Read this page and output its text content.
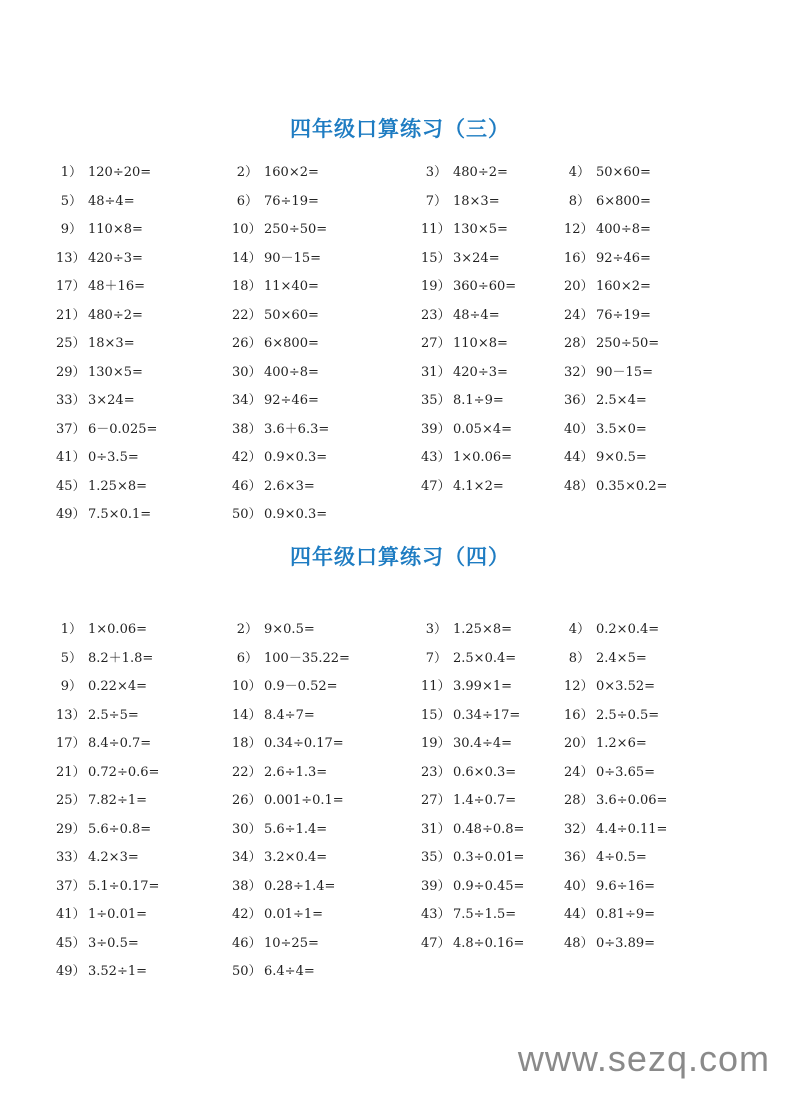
四年级口算练习（三）
1） 120÷20=	2） 160×2=	3） 480÷2=	4） 50×60=
5） 48÷4=	6） 76÷19=	7） 18×3=	8） 6×800=
9） 110×8=	10） 250÷50=	11） 130×5=	12） 400÷8=
13） 420÷3=	14） 90－15=	15） 3×24=	16） 92÷46=
17） 48＋16=	18） 11×40=	19） 360÷60=	20） 160×2=
21） 480÷2=	22） 50×60=	23） 48÷4=	24） 76÷19=
25） 18×3=	26） 6×800=	27） 110×8=	28） 250÷50=
29） 130×5=	30） 400÷8=	31） 420÷3=	32） 90－15=
33） 3×24=	34） 92÷46=	35） 8.1÷9=	36） 2.5×4=
37） 6－0.025=	38） 3.6＋6.3=	39） 0.05×4=	40） 3.5×0=
41） 0÷3.5=	42） 0.9×0.3=	43） 1×0.06=	44） 9×0.5=
45） 1.25×8=	46） 2.6×3=	47） 4.1×2=	48） 0.35×0.2=
49） 7.5×0.1=	50） 0.9×0.3=
四年级口算练习（四）
1） 1×0.06=	2） 9×0.5=	3） 1.25×8=	4） 0.2×0.4=
5） 8.2＋1.8=	6） 100－35.22=	7） 2.5×0.4=	8） 2.4×5=
9） 0.22×4=	10） 0.9－0.52=	11） 3.99×1=	12） 0×3.52=
13） 2.5÷5=	14） 8.4÷7=	15） 0.34÷17=	16） 2.5÷0.5=
17） 8.4÷0.7=	18） 0.34÷0.17=	19） 30.4÷4=	20） 1.2×6=
21） 0.72÷0.6=	22） 2.6÷1.3=	23） 0.6×0.3=	24） 0÷3.65=
25） 7.82÷1=	26） 0.001÷0.1=	27） 1.4÷0.7=	28） 3.6÷0.06=
29） 5.6÷0.8=	30） 5.6÷1.4=	31） 0.48÷0.8=	32） 4.4÷0.11=
33） 4.2×3=	34） 3.2×0.4=	35） 0.3÷0.01=	36） 4÷0.5=
37） 5.1÷0.17=	38） 0.28÷1.4=	39） 0.9÷0.45=	40） 9.6÷16=
41） 1÷0.01=	42） 0.01÷1=	43） 7.5÷1.5=	44） 0.81÷9=
45） 3÷0.5=	46） 10÷25=	47） 4.8÷0.16=	48） 0÷3.89=
49） 3.52÷1=	50） 6.4÷4=
www.sezq.com
